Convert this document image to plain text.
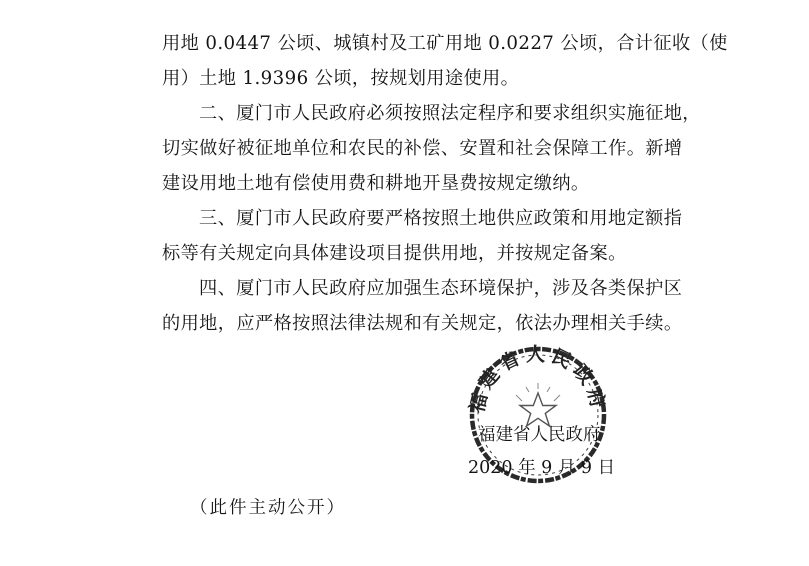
用地 0.0447 公顷、城镇村及工矿用地 0.0227 公顷，合计征收（使
用）土地 1.9396 公顷，按规划用途使用。
二、厦门市人民政府必须按照法定程序和要求组织实施征地，
切实做好被征地单位和农民的补偿、安置和社会保障工作。新增
建设用地土地有偿使用费和耕地开垦费按规定缴纳。
三、厦门市人民政府要严格按照土地供应政策和用地定额指
标等有关规定向具体建设项目提供用地，并按规定备案。
四、厦门市人民政府应加强生态环境保护，涉及各类保护区
的用地，应严格按照法律法规和有关规定，依法办理相关手续。
福建省人民政府
福建省人民政府
2020 年 9 月 9 日
（此件主动公开）
